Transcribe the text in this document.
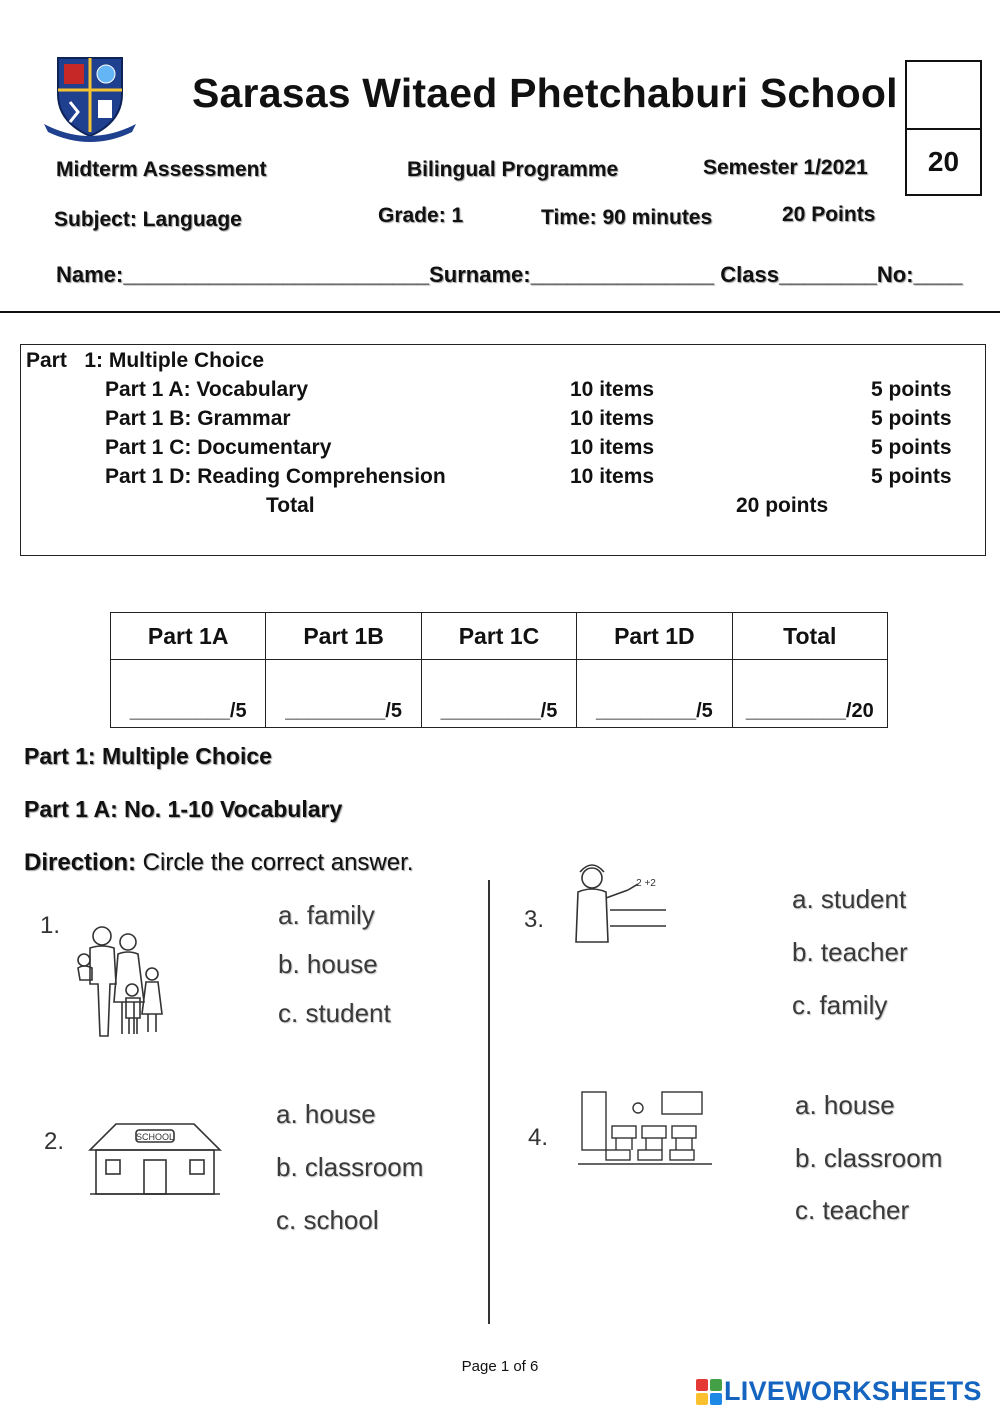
Sarasas Witaed Phetchaburi School
20
Midterm Assessment	Bilingual Programme	Semester 1/2021
Subject: Language	Grade: 1	Time: 90 minutes	20 Points
Name:_________________________Surname:_______________ Class________No:____
Part   1: Multiple Choice
Part 1 A: Vocabulary	10 items	5 points
Part 1 B: Grammar	10 items	5 points
Part 1 C: Documentary	10 items	5 points
Part 1 D: Reading Comprehension	10 items	5 points
Total	20 points
Part 1A	Part 1B	Part 1C	Part 1D	Total
_________/5	_________/5	_________/5	_________/5	_________/20
Part 1: Multiple Choice
Part 1 A: No. 1-10 Vocabulary
Direction: Circle the correct answer.
1.	a. family
b. house
c. student
2.	SCHOOL
a. house
b. classroom
c. school
3.
2 +2
a. student
b. teacher
c. family
4.
a. house
b. classroom
c. teacher
Page 1 of 6
LIVEWORKSHEETS
